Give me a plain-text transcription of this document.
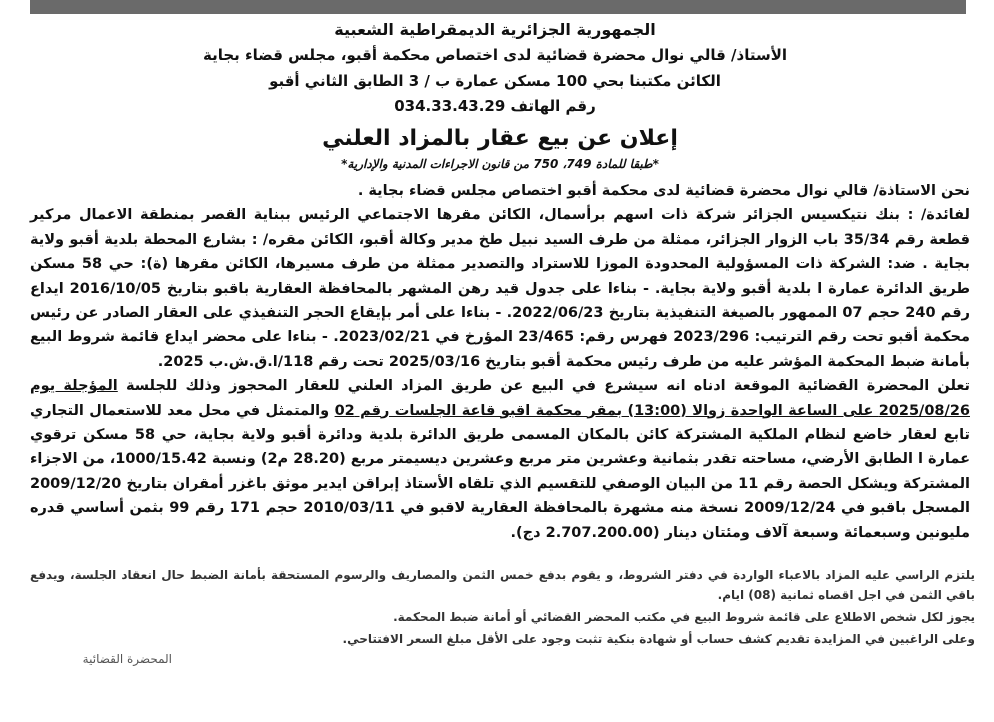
الجمهورية الجزائرية الديمقراطية الشعبية
الأستاذ/ قالي نوال محضرة قضائية لدى اختصاص محكمة أقبو، مجلس قضاء بجاية
الكائن مكتبنا بحي 100 مسكن عمارة ب / 3 الطابق الثاني أقبو
رقم الهاتف 034.33.43.29
إعلان عن بيع عقار بالمزاد العلني
*طبقا للمادة 749، 750 من قانون الاجراءات المدنية والإدارية*

نحن الاستاذة/ قالي نوال محضرة قضائية لدى محكمة أقبو اختصاص مجلس قضاء بجاية .

لفائدة/ : بنك نتيكسيس الجزائر شركة ذات اسهم برأسمال، الكائن مقرها الاجتماعي الرئيس ببناية القصر بمنطقة الاعمال مركير قطعة رقم 35/34 باب الزوار الجزائر، ممثلة من طرف السيد نبيل طخ مدير وكالة أقبو، الكائن مقره/ : بشارع المحطة بلدية أقبو ولاية بجاية . ضد: الشركة ذات المسؤولية المحدودة الموزا للاستراد والتصدير ممثلة من طرف مسيرها، الكائن مقرها (ة): حي 58 مسكن طريق الدائرة عمارة ا بلدية أقبو ولاية بجاية. - بناءا على جدول قيد رهن المشهر بالمحافظة العقارية باقبو بتاريخ 2016/10/05 ايداع رقم 240 حجم 07 الممهور بالصيغة التنفيذية بتاريخ 2022/06/23. - بناءا على أمر بإيقاع الحجر التنفيذي على العقار الصادر عن رئيس محكمة أقبو تحت رقم الترتيب: 2023/296 فهرس رقم: 23/465 المؤرخ في 2023/02/21. - بناءا على محضر ايداع قائمة شروط البيع بأمانة ضبط المحكمة المؤشر عليه من طرف رئيس محكمة أقبو بتاريخ 2025/03/16 تحت رقم 118/ا.ق.ش.ب 2025.

تعلن المحضرة القضائية الموقعة ادناه انه سيشرع في البيع عن طريق المزاد العلني للعقار المحجوز وذلك للجلسة المؤجلة يوم 2025/08/26 على الساعة الواحدة زوالا (13:00) بمقر محكمة اقبو قاعة الجلسات رقم 02 والمتمثل في محل معد للاستعمال التجاري تابع لعقار خاضع لنظام الملكية المشتركة كائن بالمكان المسمى طريق الدائرة بلدية ودائرة أقبو ولاية بجاية، حي 58 مسكن ترقوي عمارة ا الطابق الأرضي، مساحته تقدر بثمانية وعشرين متر مربع وعشرين ديسيمتر مربع (28.20 م2) ونسبة 1000/15.42، من الاجزاء المشتركة ويشكل الحصة رقم 11 من البيان الوصفي للتقسيم الذي تلقاه الأستاذ إبراقن ايدير موثق باغزر أمقران بتاريخ 2009/12/20 المسجل باقبو في 2009/12/24 نسخة منه مشهرة بالمحافظة العقارية لاقبو في 2010/03/11 حجم 171 رقم 99 بثمن أساسي قدره مليونين وسبعمائة وسبعة آلاف ومئتان دينار (2.707.200.00 دج).

يلتزم الراسي عليه المزاد بالاعباء الواردة في دفتر الشروط، و يقوم بدفع خمس الثمن والمصاريف والرسوم المستحقة بأمانة الضبط حال انعقاد الجلسة، ويدفع باقي الثمن في اجل اقصاه ثمانية (08) ايام.

يجوز لكل شخص الاطلاع على قائمة شروط البيع في مكتب المحضر القضائي أو أمانة ضبط المحكمة.

وعلى الراغبين في المزايدة تقديم كشف حساب أو شهادة بنكية تثبت وجود على الأقل مبلغ السعر الافتتاحي.

المحضرة القضائية
